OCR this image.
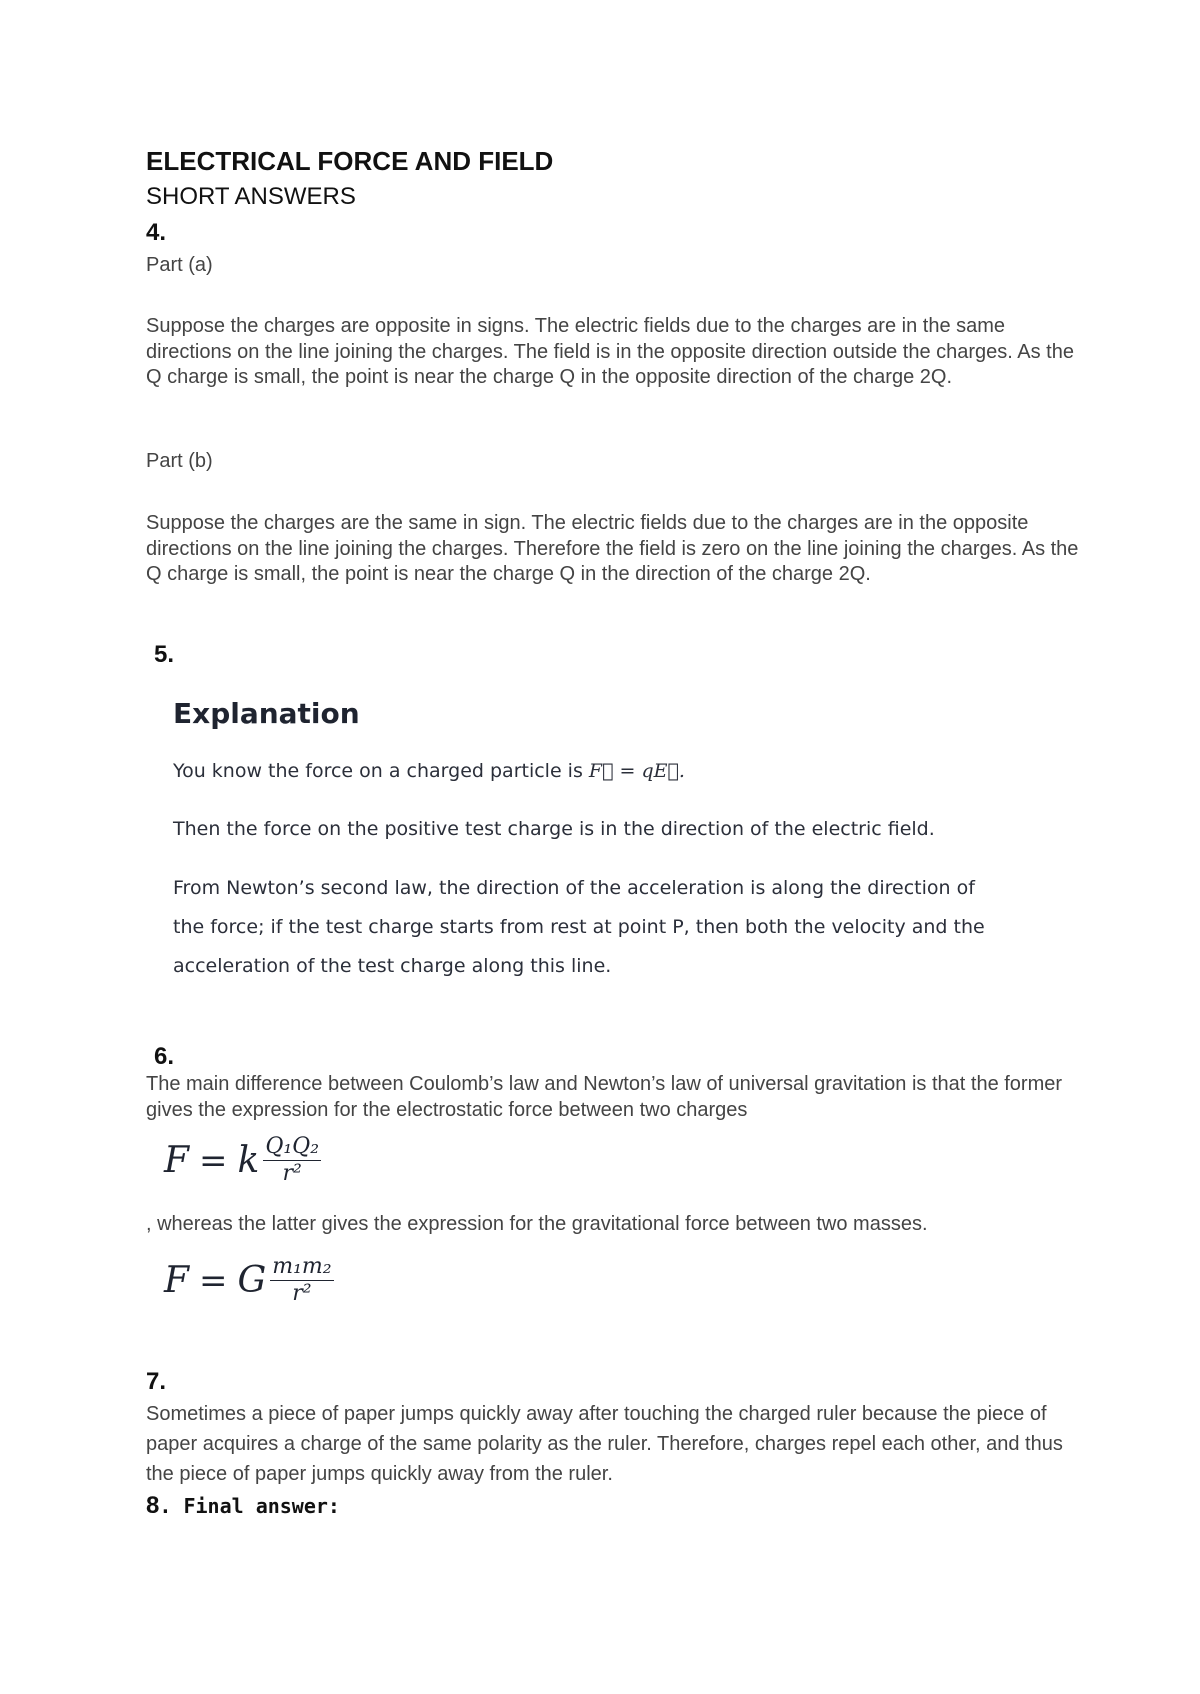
ELECTRICAL FORCE AND FIELD
SHORT ANSWERS
4.
Part (a)

Suppose the charges are opposite in signs. The electric fields due to the charges are in the same directions on the line joining the charges. The field is in the opposite direction outside the charges. As the Q charge is small, the point is near the charge Q in the opposite direction of the charge 2Q.

Part (b)

Suppose the charges are the same in sign. The electric fields due to the charges are in the opposite directions on the line joining the charges. Therefore the field is zero on the line joining the charges. As the Q charge is small, the point is near the charge Q in the direction of the charge 2Q.

5.
Explanation
You know the force on a charged particle is F⃗ = qE⃗.
Then the force on the positive test charge is in the direction of the electric field.
From Newton’s second law, the direction of the acceleration is along the direction of the force; if the test charge starts from rest at point P, then both the velocity and the acceleration of the test charge along this line.
6.

The main difference between Coulomb’s law and Newton’s law of universal gravitation is that the former gives the expression for the electrostatic force between two charges

F = k $\frac{\text{Q₁Q₂}}{\text{r²}}$

, whereas the latter gives the expression for the gravitational force between two masses.

F = G $\frac{\text{m₁m₂}}{\text{r²}}$
7.

Sometimes a piece of paper jumps quickly away after touching the charged ruler because the piece of paper acquires a charge of the same polarity as the ruler. Therefore, charges repel each other, and thus the piece of paper jumps quickly away from the ruler.

8. Final answer:
